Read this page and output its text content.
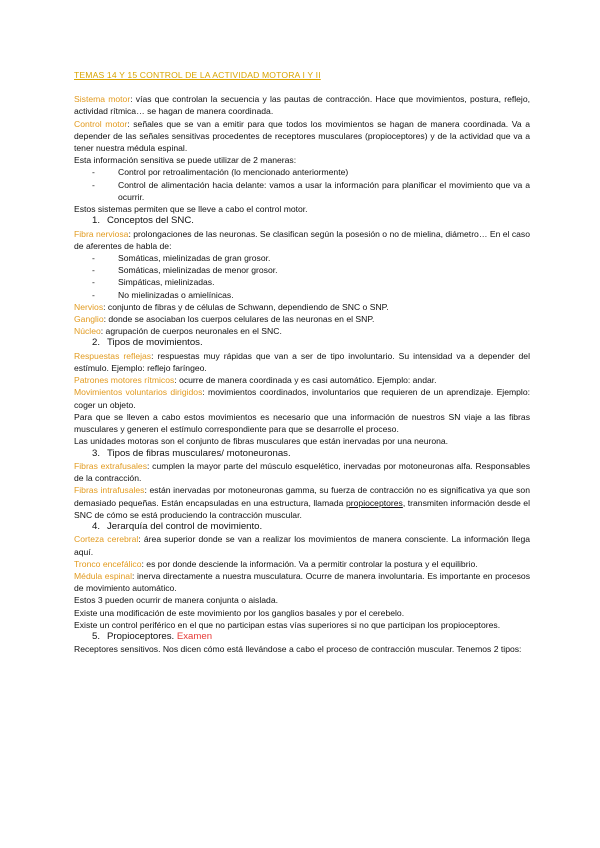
TEMAS 14 Y 15 CONTROL DE LA ACTIVIDAD MOTORA I Y II

Sistema motor: vías que controlan la secuencia y las pautas de contracción. Hace que movimientos, postura, reflejo, actividad rítmica… se hagan de manera coordinada.

Control motor: señales que se van a emitir para que todos los movimientos se hagan de manera coordinada. Va a depender de las señales sensitivas procedentes de receptores musculares (propioceptores) y de la actividad que va a tener nuestra médula espinal.

Esta información sensitiva se puede utilizar de 2 maneras:

-	Control por retroalimentación (lo mencionado anteriormente)

-	Control de alimentación hacia delante: vamos a usar la información para planificar el movimiento que va a ocurrir.

Estos sistemas permiten que se lleve a cabo el control motor.

1. Conceptos del SNC.

Fibra nerviosa: prolongaciones de las neuronas. Se clasifican según la posesión o no de mielina, diámetro… En el caso de aferentes de habla de:

-	Somáticas, mielinizadas de gran grosor.

-	Somáticas, mielinizadas de menor grosor.

-	Simpáticas, mielinizadas.

-	No mielinizadas o amielínicas.

Nervios: conjunto de fibras y de células de Schwann, dependiendo de SNC o SNP.

Ganglio: donde se asociaban los cuerpos celulares de las neuronas en el SNP.

Núcleo: agrupación de cuerpos neuronales en el SNC.

2. Tipos de movimientos.

Respuestas reflejas: respuestas muy rápidas que van a ser de tipo involuntario. Su intensidad va a depender del estímulo. Ejemplo: reflejo faríngeo.

Patrones motores rítmicos: ocurre de manera coordinada y es casi automático. Ejemplo: andar.

Movimientos voluntarios dirigidos: movimientos coordinados, involuntarios que requieren de un aprendizaje. Ejemplo: coger un objeto.

Para que se lleven a cabo estos movimientos es necesario que una información de nuestros SN viaje a las fibras musculares y generen el estímulo correspondiente para que se desarrolle el proceso.

Las unidades motoras son el conjunto de fibras musculares que están inervadas por una neurona.

3. Tipos de fibras musculares/ motoneuronas.

Fibras extrafusales: cumplen la mayor parte del músculo esquelético, inervadas por motoneuronas alfa. Responsables de la contracción.

Fibras intrafusales: están inervadas por motoneuronas gamma, su fuerza de contracción no es significativa ya que son demasiado pequeñas. Están encapsuladas en una estructura, llamada propioceptores, transmiten información desde el SNC de cómo se está produciendo la contracción muscular.

4. Jerarquía del control de movimiento.

Corteza cerebral: área superior donde se van a realizar los movimientos de manera consciente. La información llega aquí.

Tronco encefálico: es por donde desciende la información. Va a permitir controlar la postura y el equilibrio.

Médula espinal: inerva directamente a nuestra musculatura. Ocurre de manera involuntaria. Es importante en procesos de movimiento automático.

Estos 3 pueden ocurrir de manera conjunta o aislada.

Existe una modificación de este movimiento por los ganglios basales y por el cerebelo.

Existe un control periférico en el que no participan estas vías superiores si no que participan los propioceptores.

5. Propioceptores. Examen

Receptores sensitivos. Nos dicen cómo está llevándose a cabo el proceso de contracción muscular. Tenemos 2 tipos:
